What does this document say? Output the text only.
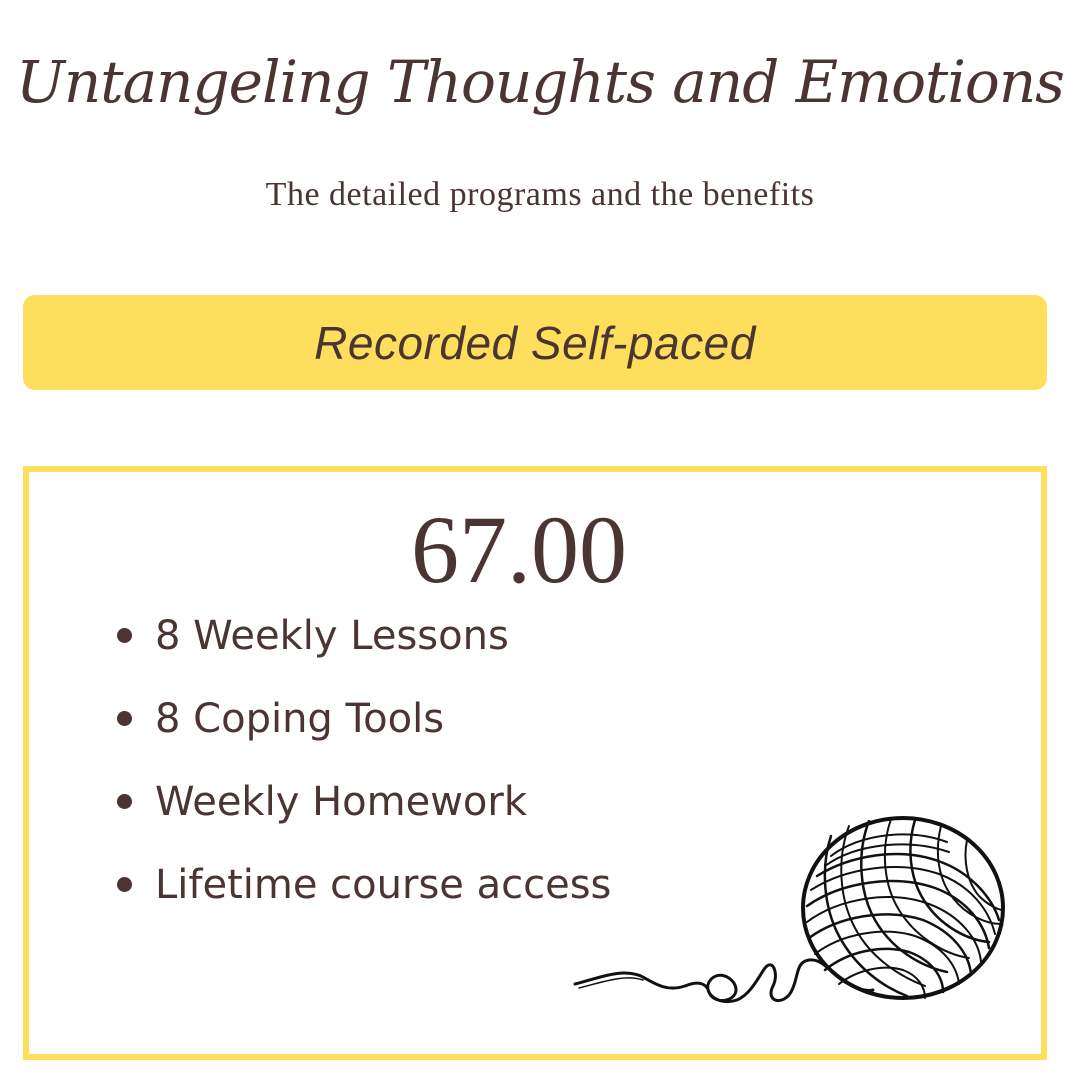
Untangeling Thoughts and Emotions
The detailed programs and the benefits
Recorded Self-paced
67.00
8 Weekly Lessons
8 Coping Tools
Weekly Homework
Lifetime course access
